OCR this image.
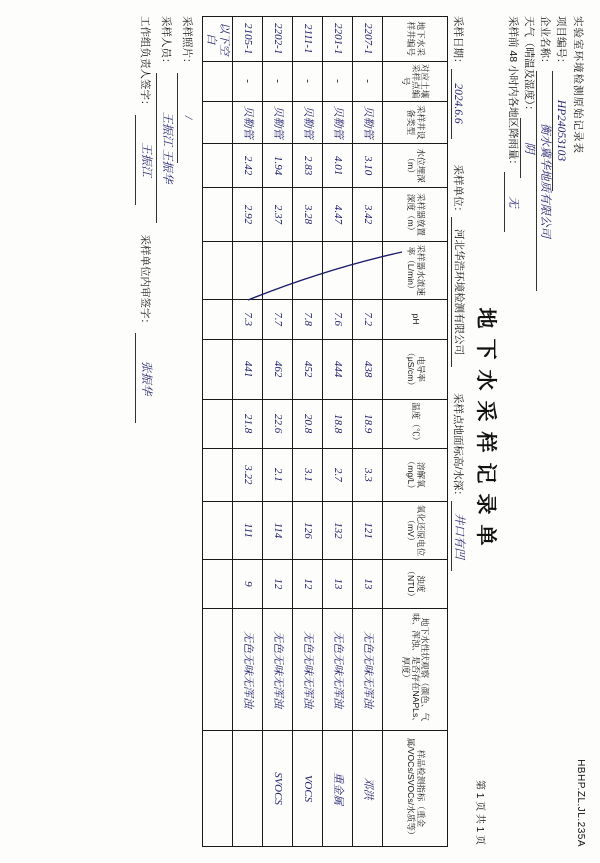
实验室环境检测原始记录表
HBHP.ZL.JL.235A
项目编号：
HP24053103
企业名称：
衡水冀华地质有限公司
天气（晴温及湿度）：
阴
采样前 48 小时内各地区降雨量：
无
地下水采样记录单
第 1 页 共 1 页
采样日期：
2024.6.6
采样单位：
河北华浩环境检测有限公司
采样点地面标高/水深：
井口有凹
地下水采样井编号	对应土壤采样点编号	采样井设备类型	水位埋深（m）	采样器放置深度（m）	采样器水流速率（L/min）	pH	电导率（μS/cm）	温度（℃）	溶解氧（mg/L）	氧化还原电位（mV）	浊度（NTU）	地下水性状观察（颜色、气味、浑浊、是否存在NAPLs、厚度）	样品检测指标（重金属/VOCs/SVOCs/水质等）
2207-1	-	贝勒管	3.10	3.42		7.2	438	18.9	3.3	121	13	无色无味无浑浊	邓洪
2201-1	-	贝勒管	4.01	4.47		7.6	444	18.8	2.7	132	13	无色无味无浑浊	重金属
2111-1	-	贝勒管	2.83	3.28		7.8	452	20.8	3.1	126	12	无色无味无浑浊	VOCS
2202-1	-	贝勒管	1.94	2.37		7.7	462	22.6	2.1	114	12	无色无味无浑浊	SVOCS
2105-1	-	贝勒管	2.42	2.92		7.3	441	21.8	3.22	111	9	无色无味无浑浊	
以下空白													
采样照片：
/
采样人员：
王振江 王振华
工作组负责人签字：
王振江
采样单位内审签字：
张振华
